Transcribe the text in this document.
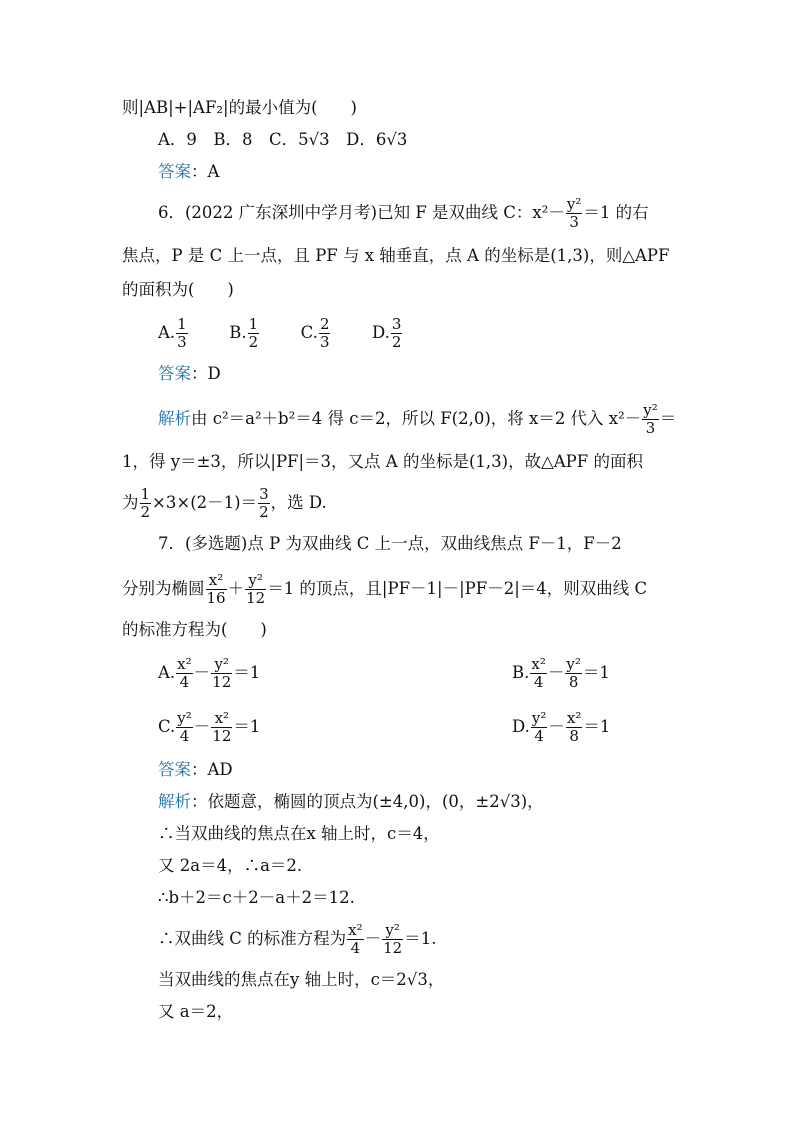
则|AB|+|AF₂|的最小值为(　　)
A．9　B．8　C．5√3　D．6√3
答案：A
6．(2022 广东深圳中学月考)已知 F 是双曲线 C：$x^2- \frac{\text{y²}}{3} =1$ 的右
焦点，P 是 C 上一点，且 PF 与 x 轴垂直，点 A 的坐标是(1,3)，则△APF
的面积为(　　)
A. $\frac{1}{3}$	B. $\frac{1}{2}$	C. $\frac{2}{3}$	D. $\frac{3}{2}$
答案：D
解析由 c²＝a²＋b²＝4 得 c＝2，所以 F(2,0)，将 x＝2 代入 $x^2- \frac{\text{y²}}{3}$ ＝
1，得 y＝±3，所以|PF|＝3，又点 A 的坐标是(1,3)，故△APF 的面积
为 $\frac{1}{2} \times 3\times(2-1)= \frac{3}{2}$ ，选 D.
7．(多选题)点 P 为双曲线 C 上一点，双曲线焦点 F－1，F－2
分别为椭圆 $\frac{\text{x²}}{16} + \frac{\text{y²}}{12} =1$ 的顶点，且|PF－1|－|PF－2|＝4，则双曲线 C
的标准方程为(　　)
A. $\frac{\text{x²}}{4} - \frac{\text{y²}}{12} =1$	B. $\frac{\text{x²}}{4} - \frac{\text{y²}}{8} =1$
C. $\frac{\text{y²}}{4} - \frac{\text{x²}}{12} =1$	D. $\frac{\text{y²}}{4} - \frac{\text{x²}}{8} =1$
答案：AD
解析：依题意，椭圆的顶点为(±4,0)，(0，±2√3)，
∴当双曲线的焦点在x 轴上时，c＝4，
又 2a＝4，∴a＝2.
∴b＋2＝c＋2－a＋2＝12.
∴双曲线 C 的标准方程为 $\frac{\text{x²}}{4} - \frac{\text{y²}}{12} =1$.
当双曲线的焦点在y 轴上时，c＝2√3，
又 a＝2，
